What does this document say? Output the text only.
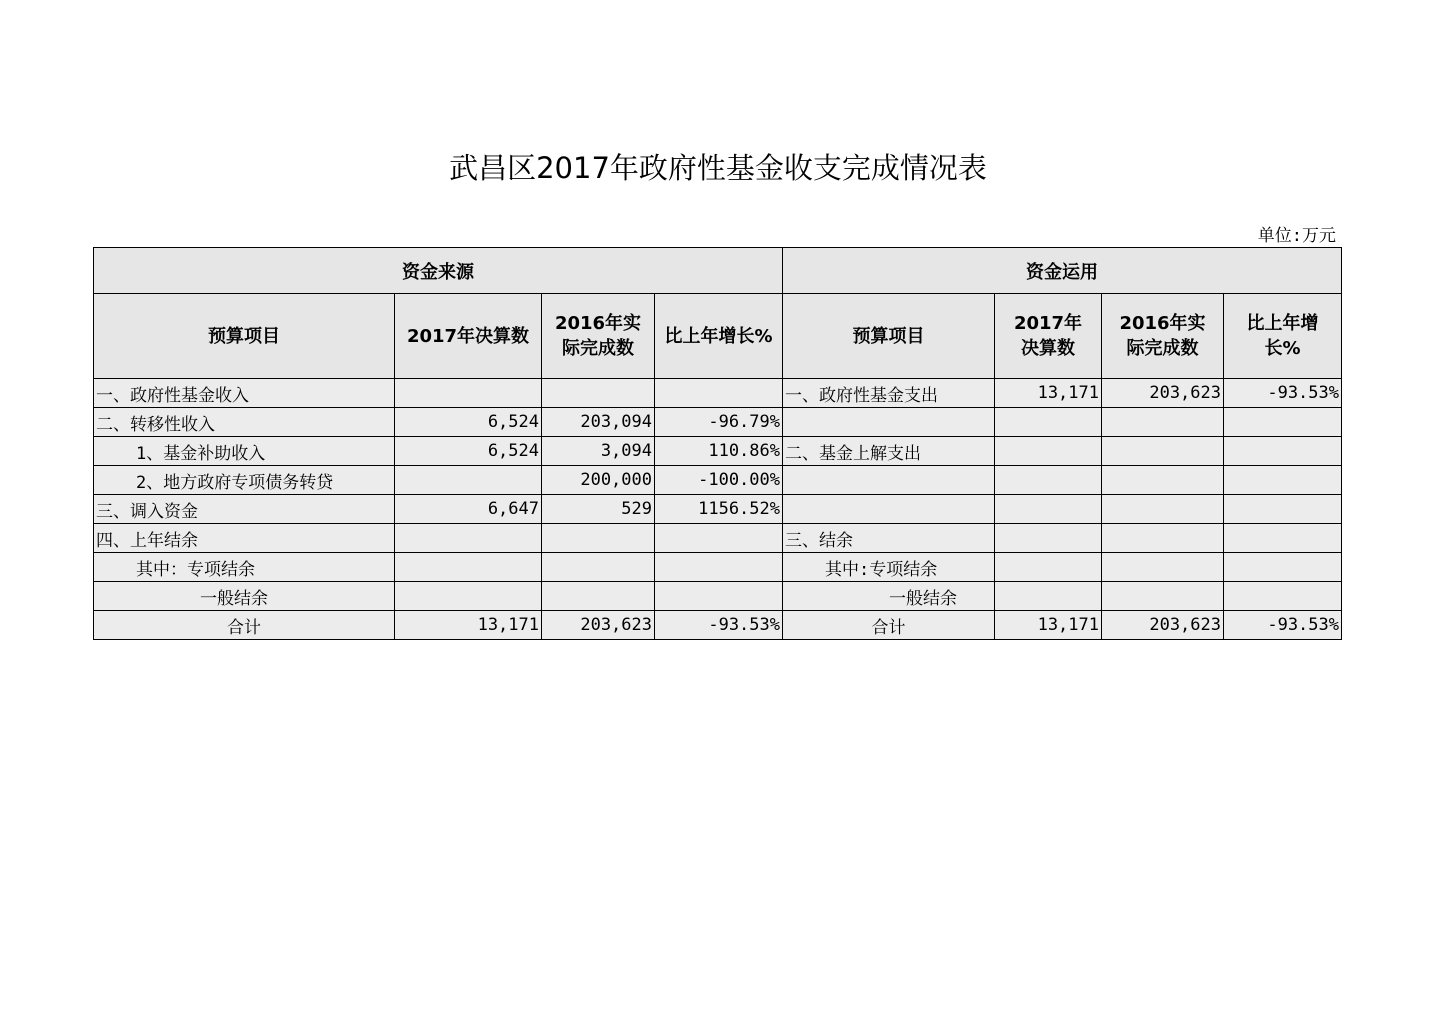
武昌区2017年政府性基金收支完成情况表
单位:万元
资金来源				资金运用			
预算项目	2017年决算数	2016年实际完成数	比上年增长%	预算项目	2017年决算数	2016年实际完成数	比上年增长%
一、政府性基金收入				一、政府性基金支出	13,171	203,623	-93.53%
二、转移性收入	6,524	203,094	-96.79%				
1、基金补助收入	6,524	3,094	110.86%	二、基金上解支出			
2、地方政府专项债务转贷		200,000	-100.00%				
三、调入资金	6,647	529	1156.52%				
四、上年结余				三、结余			
其中：专项结余				其中:专项结余			
一般结余				一般结余			
合计	13,171	203,623	-93.53%	合计	13,171	203,623	-93.53%
